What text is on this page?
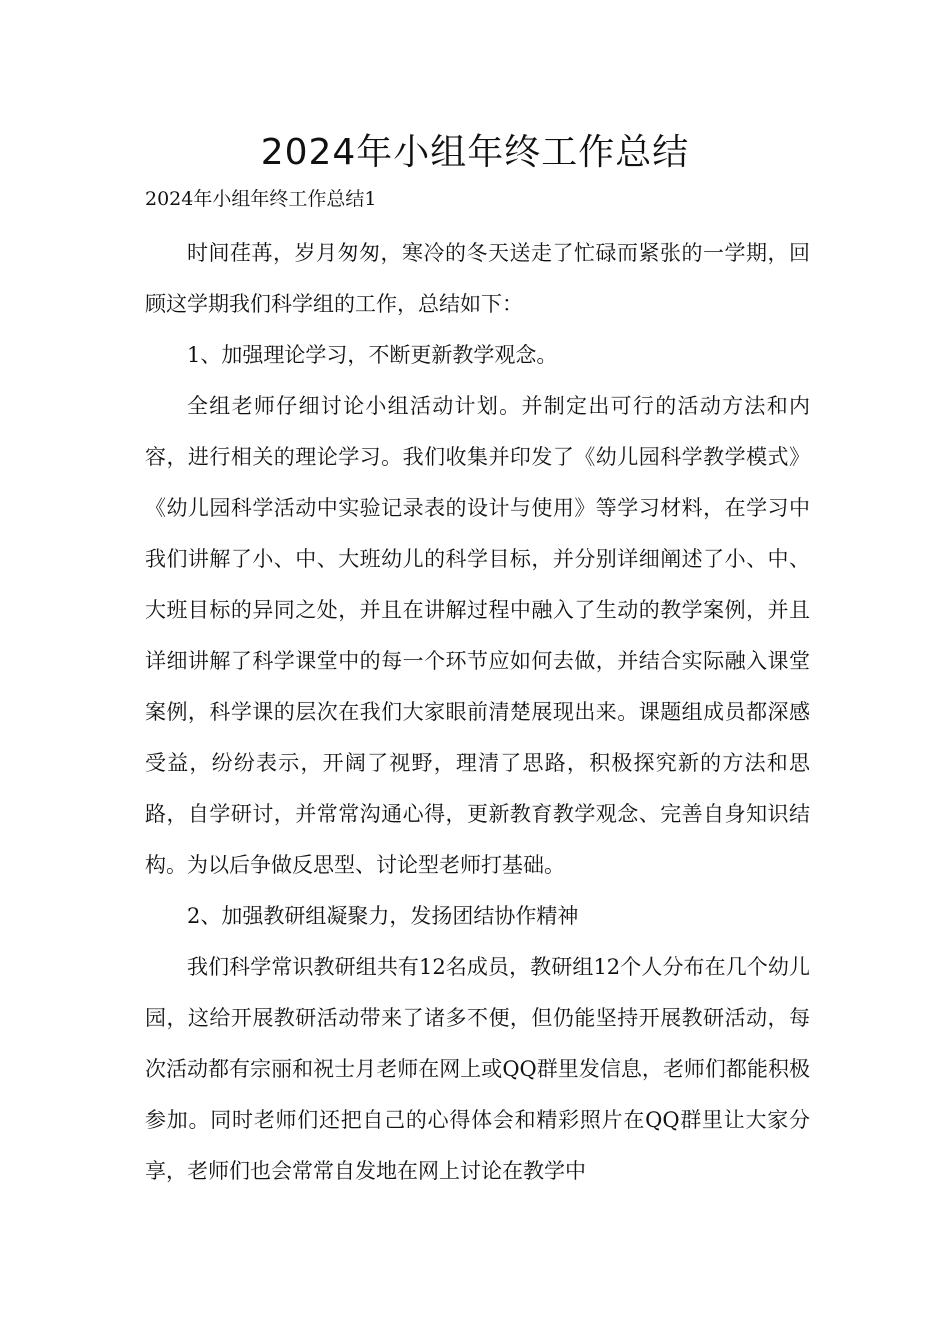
2024年小组年终工作总结
2024年小组年终工作总结1

时间荏苒，岁月匆匆，寒冷的冬天送走了忙碌而紧张的一学期，回顾这学期我们科学组的工作，总结如下：

1、加强理论学习，不断更新教学观念。

全组老师仔细讨论小组活动计划。并制定出可行的活动方法和内容，进行相关的理论学习。我们收集并印发了《幼儿园科学教学模式》《幼儿园科学活动中实验记录表的设计与使用》等学习材料，在学习中我们讲解了小、中、大班幼儿的科学目标，并分别详细阐述了小、中、大班目标的异同之处，并且在讲解过程中融入了生动的教学案例，并且详细讲解了科学课堂中的每一个环节应如何去做，并结合实际融入课堂案例，科学课的层次在我们大家眼前清楚展现出来。课题组成员都深感受益，纷纷表示，开阔了视野，理清了思路，积极探究新的方法和思路，自学研讨，并常常沟通心得，更新教育教学观念、完善自身知识结构。为以后争做反思型、讨论型老师打基础。

2、加强教研组凝聚力，发扬团结协作精神

我们科学常识教研组共有12名成员，教研组12个人分布在几个幼儿园，这给开展教研活动带来了诸多不便，但仍能坚持开展教研活动，每次活动都有宗丽和祝士月老师在网上或QQ群里发信息，老师们都能积极参加。同时老师们还把自己的心得体会和精彩照片在QQ群里让大家分享，老师们也会常常自发地在网上讨论在教学中
